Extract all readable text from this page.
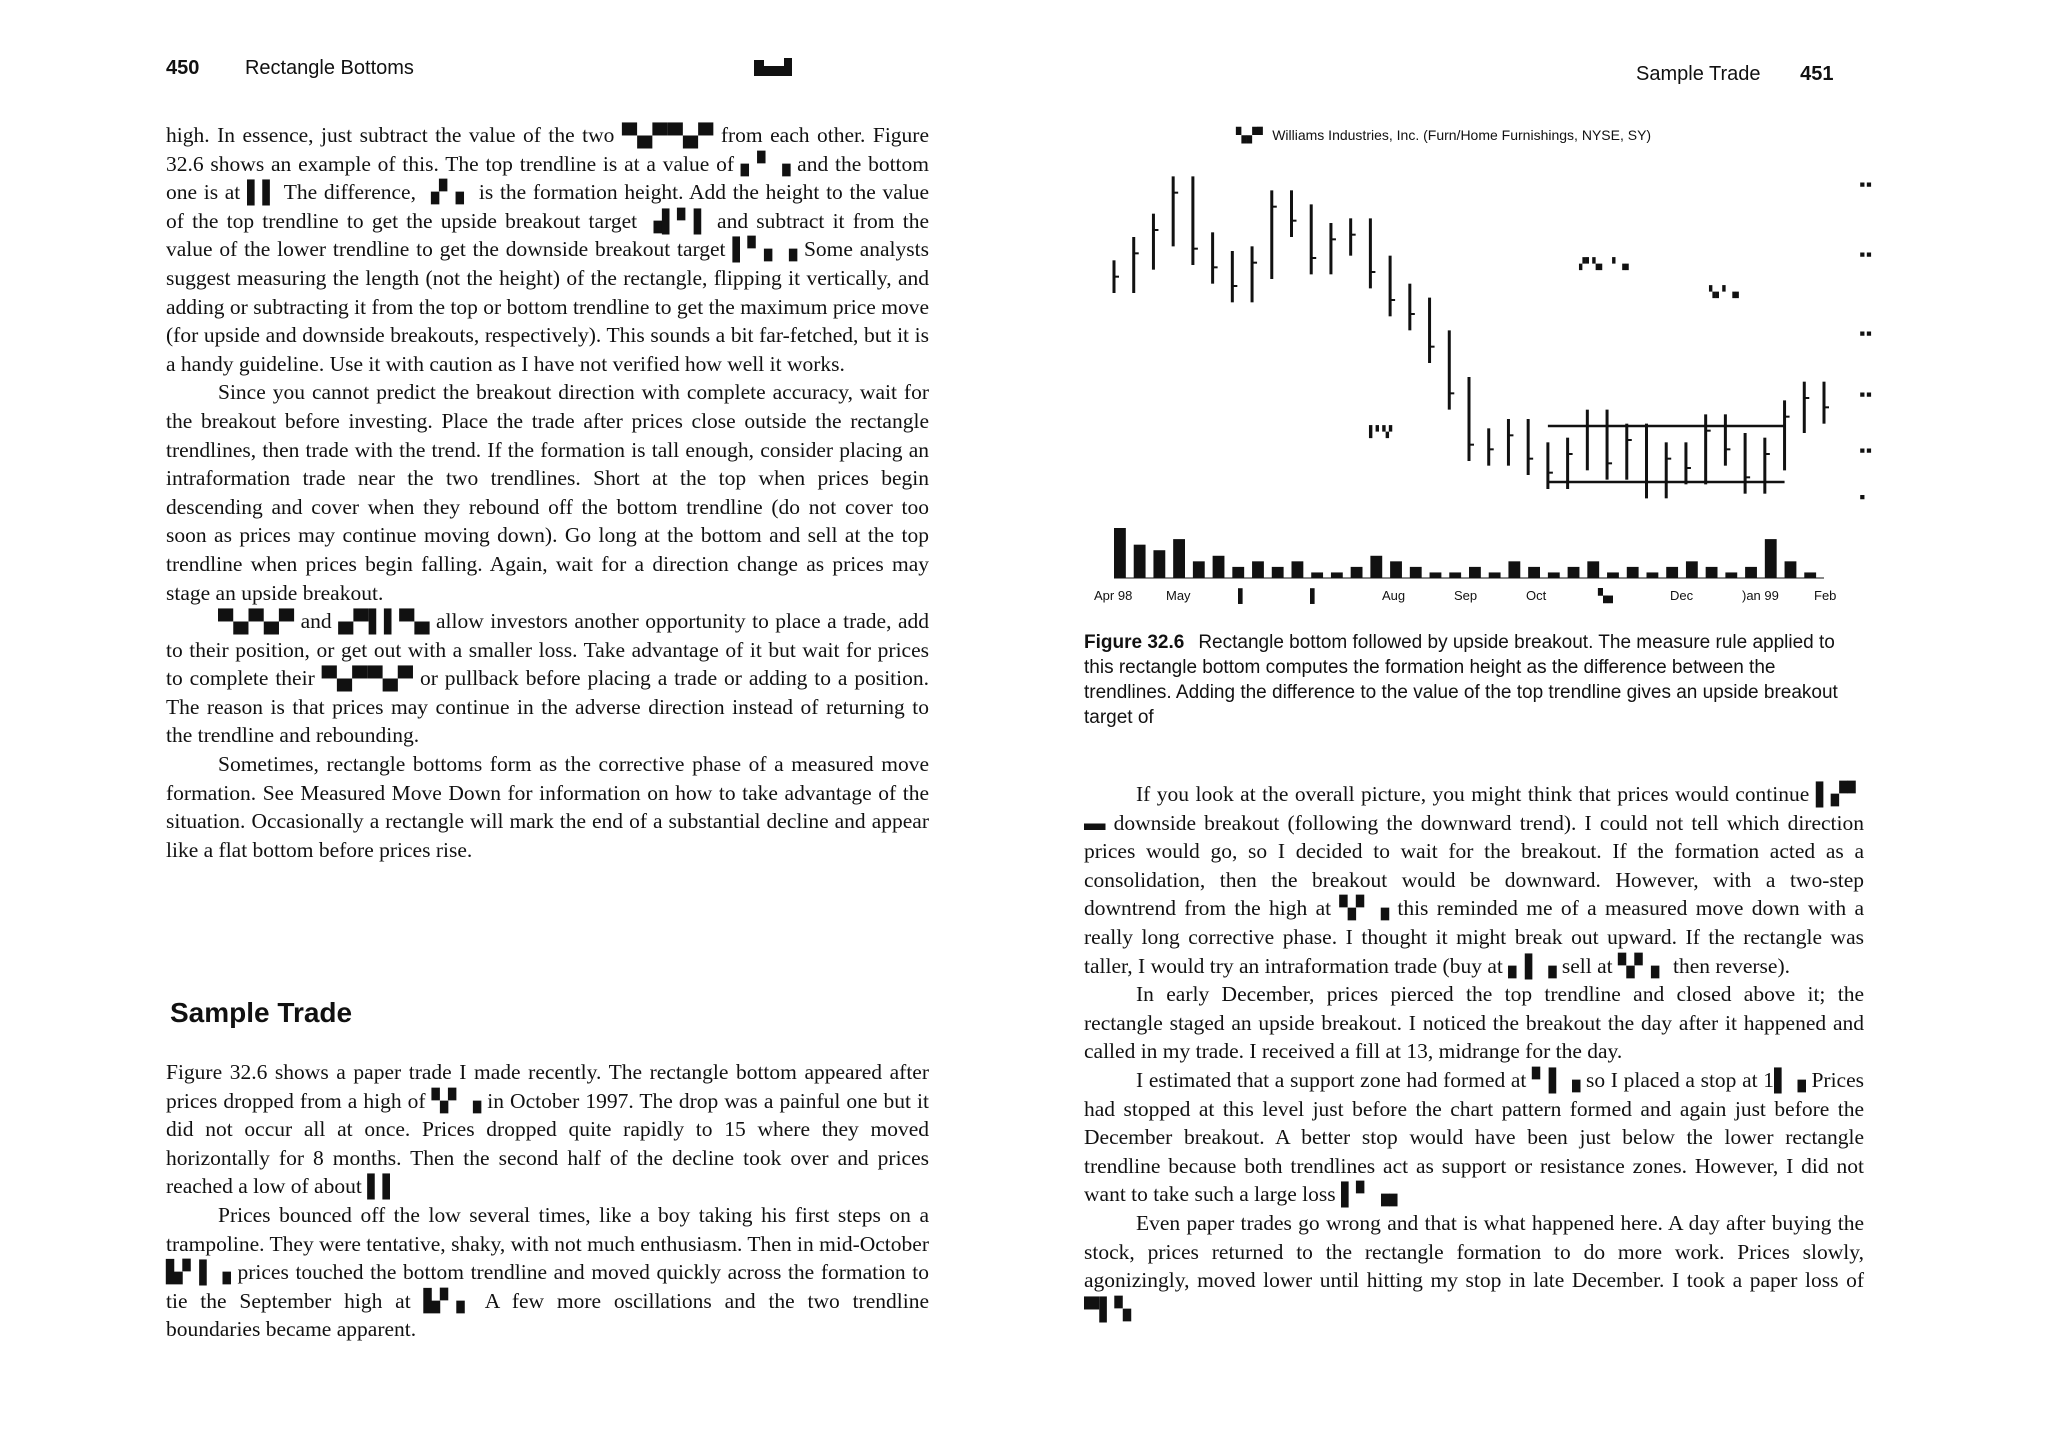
450 Rectangle Bottoms

high. In essence, just subtract the value of the two ▀▄▀▀▄▀ from each other. Figure 32.6 shows an example of this. The top trendline is at a value of ▖▘▗ and the bottom one is at ▌▌ The difference, ▗▘▖ is the formation height. Add the height to the value of the top trendline to get the upside breakout target ▗▌▘▌ and subtract it from the value of the lower trendline to get the downside breakout target ▌▘▖▗ Some analysts suggest measuring the length (not the height) of the rectangle, flipping it vertically, and adding or subtracting it from the top or bottom trendline to get the maximum price move (for upside and downside breakouts, respectively). This sounds a bit far-fetched, but it is a handy guideline. Use it with caution as I have not verified how well it works.

Since you cannot predict the breakout direction with complete accuracy, wait for the breakout before investing. Place the trade after prices close outside the rectangle trendlines, then trade with the trend. If the formation is tall enough, consider placing an intraformation trade near the two trendlines. Short at the top when prices begin descending and cover when they rebound off the bottom trendline (do not cover too soon as prices may continue moving down). Go long at the bottom and sell at the top trendline when prices begin falling. Again, wait for a direction change as prices may stage an upside breakout.

▀▄▀▄▀ and ▄▀▌▌▀▄ allow investors another opportunity to place a trade, add to their position, or get out with a smaller loss. Take advantage of it but wait for prices to complete their ▀▄▀▀▄▀ or pullback before placing a trade or adding to a position. The reason is that prices may continue in the adverse direction instead of returning to the trendline and rebounding.

Sometimes, rectangle bottoms form as the corrective phase of a measured move formation. See Measured Move Down for information on how to take advantage of the situation. Occasionally a rectangle will mark the end of a substantial decline and appear like a flat bottom before prices rise.

Sample Trade

Figure 32.6 shows a paper trade I made recently. The rectangle bottom appeared after prices dropped from a high of ▚▘▗ in October 1997. The drop was a painful one but it did not occur all at once. Prices dropped quite rapidly to 15 where they moved horizontally for 8 months. Then the second half of the decline took over and prices reached a low of about ▌▌

Prices bounced off the low several times, like a boy taking his first steps on a trampoline. They were tentative, shaky, with not much enthusiasm. Then in mid-October ▙▘▌▗ prices touched the bottom trendline and moved quickly across the formation to tie the September high at ▙▘▖ A few more oscillations and the two trendline boundaries became apparent.

Sample Trade 451
▚▞▘ Williams Industries, Inc. (Furn/Home Furnishings, NYSE, SY)
Apr 98	May	▌	▌	Aug	Sep	Oct	▚▖	Dec	)an 99	Feb
▪▪
▪▪
▪▪
▪▪
▪▪
▪
▞▘▚▖ ▘▗▖
▌▘▚▘
▚▖▘▗▖
Figure 32.6 Rectangle bottom followed by upside breakout. The measure rule applied to this rectangle bottom computes the formation height as the difference between the trendlines. Adding the difference to the value of the top trendline gives an upside breakout target of

If you look at the overall picture, you might think that prices would continue ▌▞▘ ▬ downside breakout (following the downward trend). I could not tell which direction prices would go, so I decided to wait for the breakout. If the formation acted as a consolidation, then the breakout would be downward. However, with a two-step downtrend from the high at ▚▘▗ this reminded me of a measured move down with a really long corrective phase. I thought it might break out upward. If the rectangle was taller, I would try an intraformation trade (buy at ▖▌▗ sell at ▚▘▖ then reverse).

In early December, prices pierced the top trendline and closed above it; the rectangle staged an upside breakout. I noticed the breakout the day after it happened and called in my trade. I received a fill at 13, midrange for the day.

I estimated that a support zone had formed at ▘▌▗ so I placed a stop at 1▌▗ Prices had stopped at this level just before the chart pattern formed and again just before the December breakout. A better stop would have been just below the lower rectangle trendline because both trendlines act as support or resistance zones. However, I did not want to take such a large loss ▌▘▗▖

Even paper trades go wrong and that is what happened here. A day after buying the stock, prices returned to the rectangle formation to do more work. Prices slowly, agonizingly, moved lower until hitting my stop in late December. I took a paper loss of ▀▌▚
